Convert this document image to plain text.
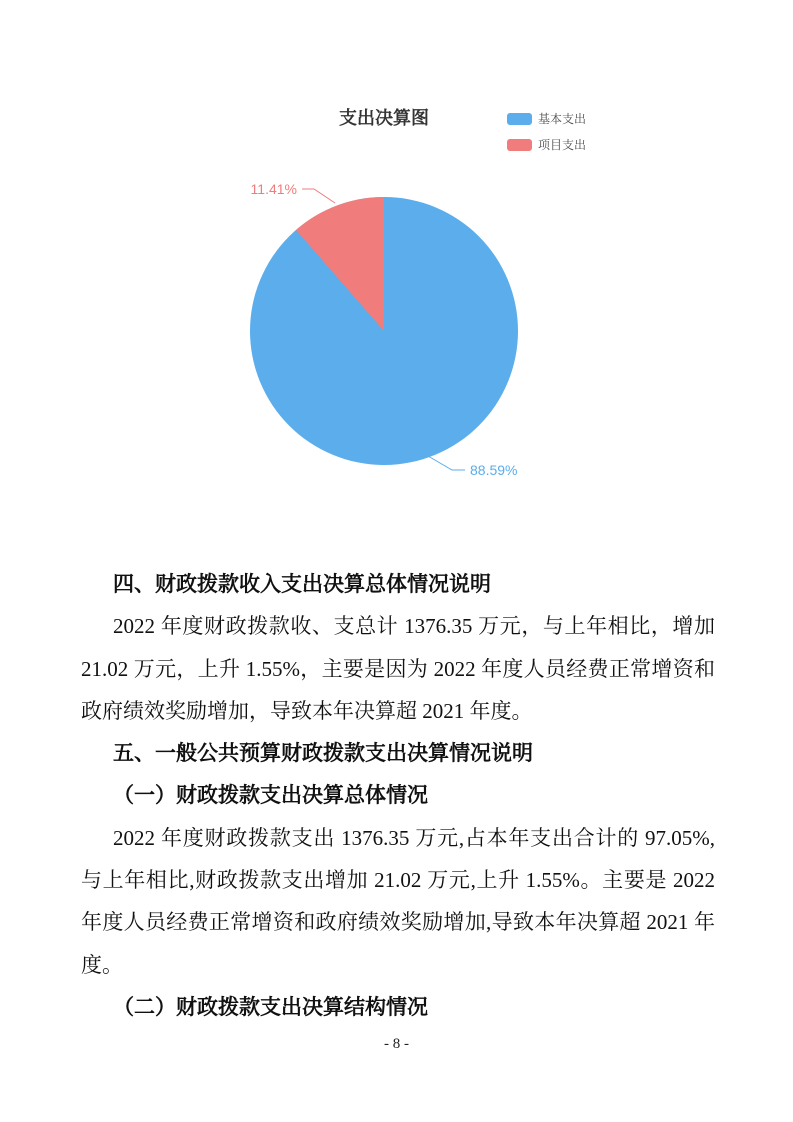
支出决算图	基本支出
项目支出
11.41%
88.59%
四、财政拨款收入支出决算总体情况说明

2022 年度财政拨款收、支总计 1376.35 万元，与上年相比，增加 21.02 万元，上升 1.55%，主要是因为 2022 年度人员经费正常增资和政府绩效奖励增加，导致本年决算超 2021 年度。

五、一般公共预算财政拨款支出决算情况说明
（一）财政拨款支出决算总体情况

2022 年度财政拨款支出 1376.35 万元,占本年支出合计的 97.05%,与上年相比,财政拨款支出增加 21.02 万元,上升 1.55%。主要是 2022 年度人员经费正常增资和政府绩效奖励增加,导致本年决算超 2021 年度。

（二）财政拨款支出决算结构情况
- 8 -
